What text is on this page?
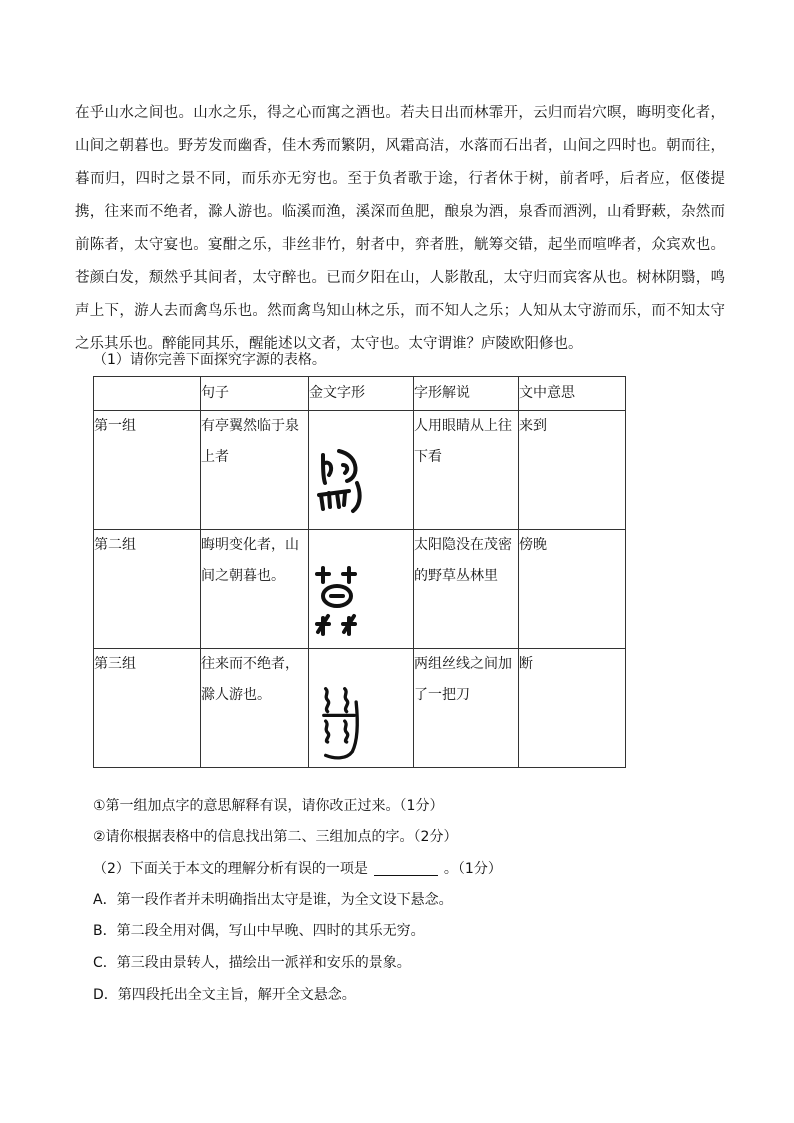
在乎山水之间也。山水之乐，得之心而寓之酒也。若夫日出而林霏开，云归而岩穴暝，晦明变化者，山间之朝暮也。野芳发而幽香，佳木秀而繁阴，风霜高洁，水落而石出者，山间之四时也。朝而往，暮而归，四时之景不同，而乐亦无穷也。至于负者歌于途，行者休于树，前者呼，后者应，伛偻提携，往来而不绝者，滁人游也。临溪而渔，溪深而鱼肥，酿泉为酒，泉香而酒洌，山肴野蔌，杂然而前陈者，太守宴也。宴酣之乐，非丝非竹，射者中，弈者胜，觥筹交错，起坐而喧哗者，众宾欢也。苍颜白发，颓然乎其间者，太守醉也。已而夕阳在山，人影散乱，太守归而宾客从也。树林阴翳，鸣声上下，游人去而禽鸟乐也。然而禽鸟知山林之乐，而不知人之乐；人知从太守游而乐，而不知太守之乐其乐也。醉能同其乐，醒能述以文者，太守也。太守谓谁？庐陵欧阳修也。
（1）请你完善下面探究字源的表格。
	句子	金文字形	字形解说	文中意思
第一组	有亭翼然临于泉上者		人用眼睛从上往下看	来到
第二组	晦明变化者，山间之朝暮也。		太阳隐没在茂密的野草丛林里	傍晚
第三组	往来而不绝者，滁人游也。		两组丝线之间加了一把刀	断
①第一组加点字的意思解释有误，请你改正过来。（1分）
②请你根据表格中的信息找出第二、三组加点的字。（2分）
（2）下面关于本文的理解分析有误的一项是	。（1分）
A．第一段作者并未明确指出太守是谁，为全文设下悬念。
B．第二段全用对偶，写山中早晚、四时的其乐无穷。
C．第三段由景转人，描绘出一派祥和安乐的景象。
D．第四段托出全文主旨，解开全文悬念。
